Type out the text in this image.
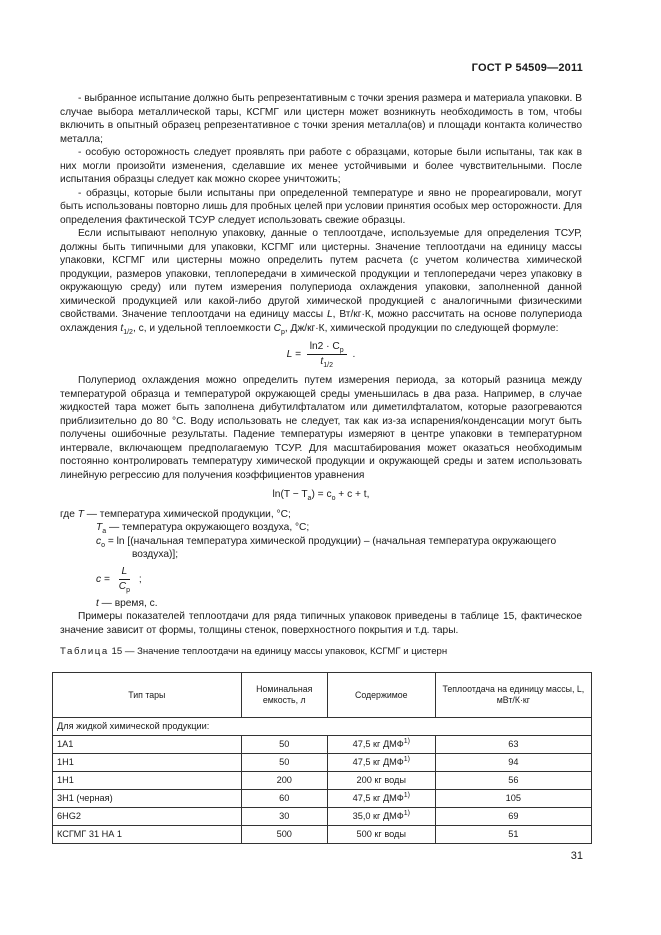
ГОСТ Р 54509—2011

- выбранное испытание должно быть репрезентативным с точки зрения размера и материала упаковки. В случае выбора металлической тары, КСГМГ или цистерн может возникнуть необходимость в том, чтобы включить в опытный образец репрезентативное с точки зрения металла(ов) и площади контакта количество металла;

- особую осторожность следует проявлять при работе с образцами, которые были испытаны, так как в них могли произойти изменения, сделавшие их менее устойчивыми и более чувствительными. После испытания образцы следует как можно скорее уничтожить;

- образцы, которые были испытаны при определенной температуре и явно не прореагировали, могут быть использованы повторно лишь для пробных целей при условии принятия особых мер осторожности. Для определения фактической ТСУР следует использовать свежие образцы.

Если испытывают неполную упаковку, данные о теплоотдаче, используемые для определения ТСУР, должны быть типичными для упаковки, КСГМГ или цистерны. Значение теплоотдачи на единицу массы упаковки, КСГМГ или цистерны можно определить путем расчета (с учетом количества химической продукции, размеров упаковки, теплопередачи в химической продукции и теплопередачи через упаковку в окружающую среду) или путем измерения полупериода охлаждения упаковки, заполненной данной химической продукцией или какой-либо другой химической продукцией с аналогичными физическими свойствами. Значение теплоотдачи на единицу массы L, Вт/кг·К, можно рассчитать на основе полупериода охлаждения $t_{1/2}$, с, и удельной теплоемкости $C_p$, Дж/кг·К, химической продукции по следующей формуле:

$L = \frac{\ln 2 \cdot C_p}{t_{1/2}}$ .

Полупериод охлаждения можно определить путем измерения периода, за который разница между температурой образца и температурой окружающей среды уменьшилась в два раза. Например, в случае жидкостей тара может быть заполнена дибутилфталатом или диметилфталатом, которые разогреваются приблизительно до 80 °С. Воду использовать не следует, так как из-за испарения/конденсации могут быть получены ошибочные результаты. Падение температуры измеряют в центре упаковки в температурном интервале, включающем предполагаемую ТСУР. Для масштабирования может оказаться необходимым постоянно контролировать температуру химической продукции и окружающей среды и затем использовать линейную регрессию для получения коэффициентов уравнения

$\ln(T - T_a) = c_o + c + t$,
где T — температура химической продукции, °С;
$T_a$ — температура окружающего воздуха, °С;
$c_o = \ln$ [(начальная температура химической продукции) – (начальная температура окружающего
воздуха)];
$c = \frac{L}{C_p}$ ;
t — время, с.

Примеры показателей теплоотдачи для ряда типичных упаковок приведены в таблице 15, фактическое значение зависит от формы, толщины стенок, поверхностного покрытия и т.д. тары.

Таблица 15 — Значение теплоотдачи на единицу массы упаковок, КСГМГ и цистерн
Тип тары	Номинальная емкость, л	Содержимое	Теплоотдача на единицу массы, L, мВт/К·кг
Для жидкой химической продукции:			
1A1	50	47,5 кг ДМФ$^{1)}$	63
1H1	50	47,5 кг ДМФ$^{1)}$	94
1H1	200	200 кг воды	56
3H1 (черная)	60	47,5 кг ДМФ$^{1)}$	105
6HG2	30	35,0 кг ДМФ$^{1)}$	69
КСГМГ 31 НА 1	500	500 кг воды	51
31
